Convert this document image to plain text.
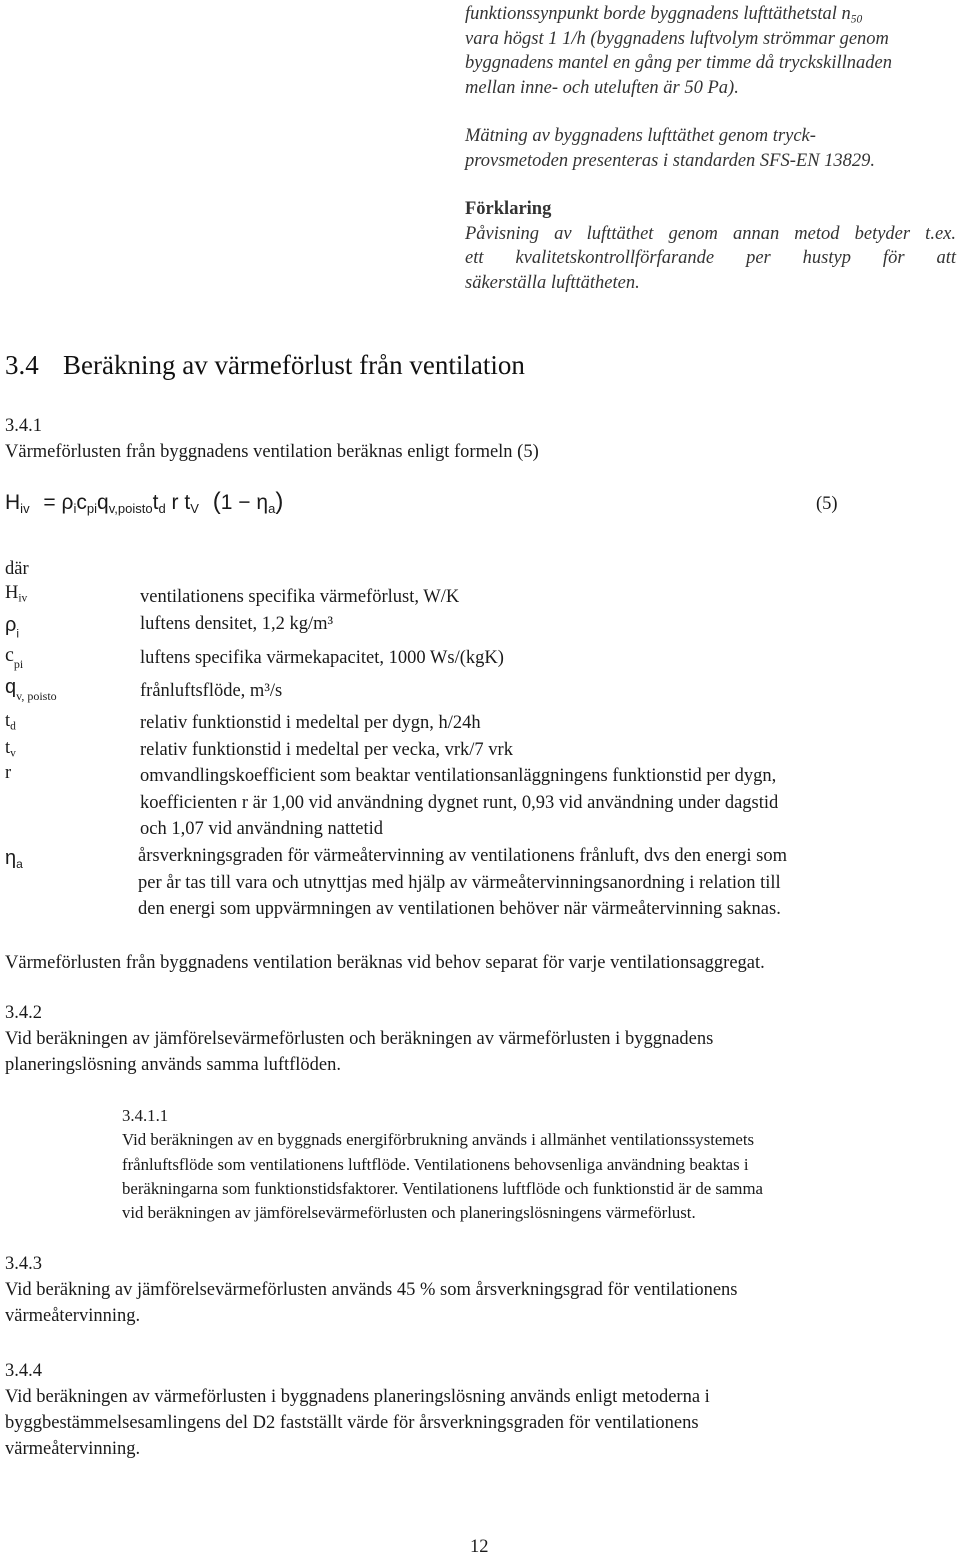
funktionssynpunkt borde byggnadens lufttäthetstal $n_{50}$
vara högst 1 1/h (byggnadens luftvolym strömmar genom
byggnadens mantel en gång per timme då tryckskillnaden
mellan inne- och uteluften är 50 Pa).
Mätning av byggnadens lufttäthet genom tryck-
provsmetoden presenteras i standarden SFS-EN 13829.
Förklaring
Påvisning av lufttäthet genom annan metod betyder t.ex.
ett kvalitetskontrollförfarande per hustyp för att
säkerställa lufttätheten.
3.4 Beräkning av värmeförlust från ventilation
3.4.1
Värmeförlusten från byggnadens ventilation beräknas enligt formeln (5)
$H_{iv} = \rho_ic_{pi}q_{v,poisto}t_d$ r $t_V$ $(1 - \eta_a)$	(5)
där
$H_{iv}$	ventilationens specifika värmeförlust, W/K
$\rho_i$	luftens densitet, 1,2 kg/m³
$c_{pi}$	luftens specifika värmekapacitet, 1000 Ws/(kgK)
$q_{v, poisto}$	frånluftsflöde, m³/s
$t_d$	relativ funktionstid i medeltal per dygn, h/24h
$t_v$	relativ funktionstid i medeltal per vecka, vrk/7 vrk
r	omvandlingskoefficient som beaktar ventilationsanläggningens funktionstid per dygn,
koefficienten r är 1,00 vid användning dygnet runt, 0,93 vid användning under dagstid
och 1,07 vid användning nattetid
$\eta_a$	årsverkningsgraden för värmeåtervinning av ventilationens frånluft, dvs den energi som
per år tas till vara och utnyttjas med hjälp av värmeåtervinningsanordning i relation till
den energi som uppvärmningen av ventilationen behöver när värmeåtervinning saknas.
Värmeförlusten från byggnadens ventilation beräknas vid behov separat för varje ventilationsaggregat.
3.4.2
Vid beräkningen av jämförelsevärmeförlusten och beräkningen av värmeförlusten i byggnadens
planeringslösning används samma luftflöden.
3.4.1.1
Vid beräkningen av en byggnads energiförbrukning används i allmänhet ventilationssystemets
frånluftsflöde som ventilationens luftflöde. Ventilationens behovsenliga användning beaktas i
beräkningarna som funktionstidsfaktorer. Ventilationens luftflöde och funktionstid är de samma
vid beräkningen av jämförelsevärmeförlusten och planeringslösningens värmeförlust.
3.4.3
Vid beräkning av jämförelsevärmeförlusten används 45 % som årsverkningsgrad för ventilationens
värmeåtervinning.
3.4.4
Vid beräkningen av värmeförlusten i byggnadens planeringslösning används enligt metoderna i
byggbestämmelsesamlingens del D2 fastställt värde för årsverkningsgraden för ventilationens
värmeåtervinning.
12
